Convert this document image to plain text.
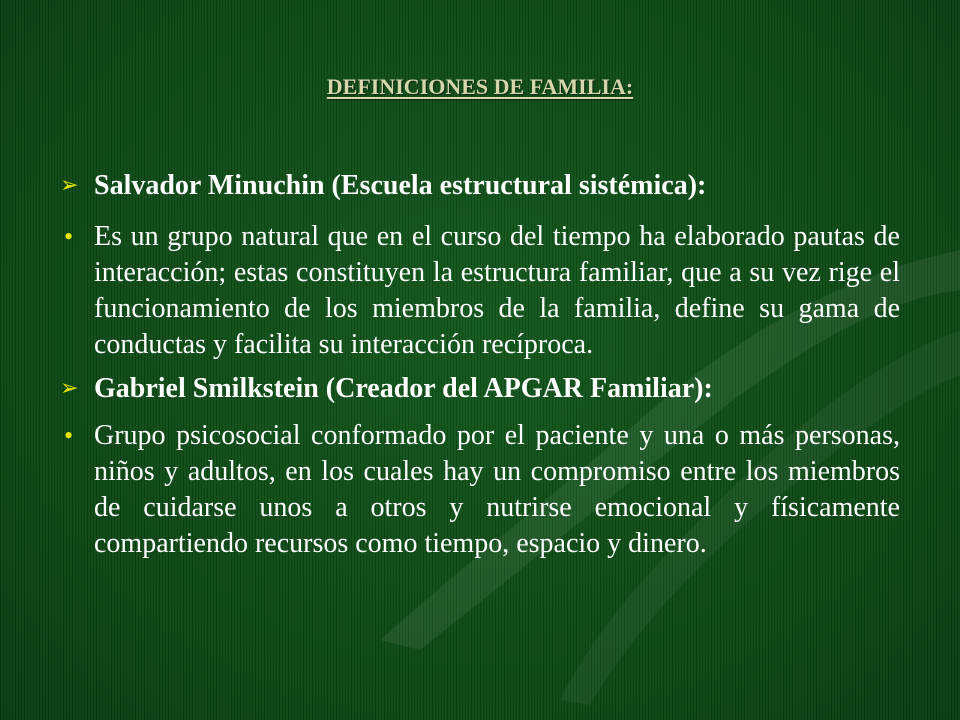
DEFINICIONES DE FAMILIA:
➢ Salvador Minuchin (Escuela estructural sistémica):
• Es un grupo natural que en el curso del tiempo ha elaborado pautas de interacción; estas constituyen la estructura familiar, que a su vez rige el funcionamiento de los miembros de la familia, define su gama de conductas y facilita su interacción recíproca.
➢ Gabriel Smilkstein (Creador del APGAR Familiar):
• Grupo psicosocial conformado por el paciente y una o más personas, niños y adultos, en los cuales hay un compromiso entre los miembros de cuidarse unos a otros y nutrirse emocional y físicamente compartiendo recursos como tiempo, espacio y dinero.
